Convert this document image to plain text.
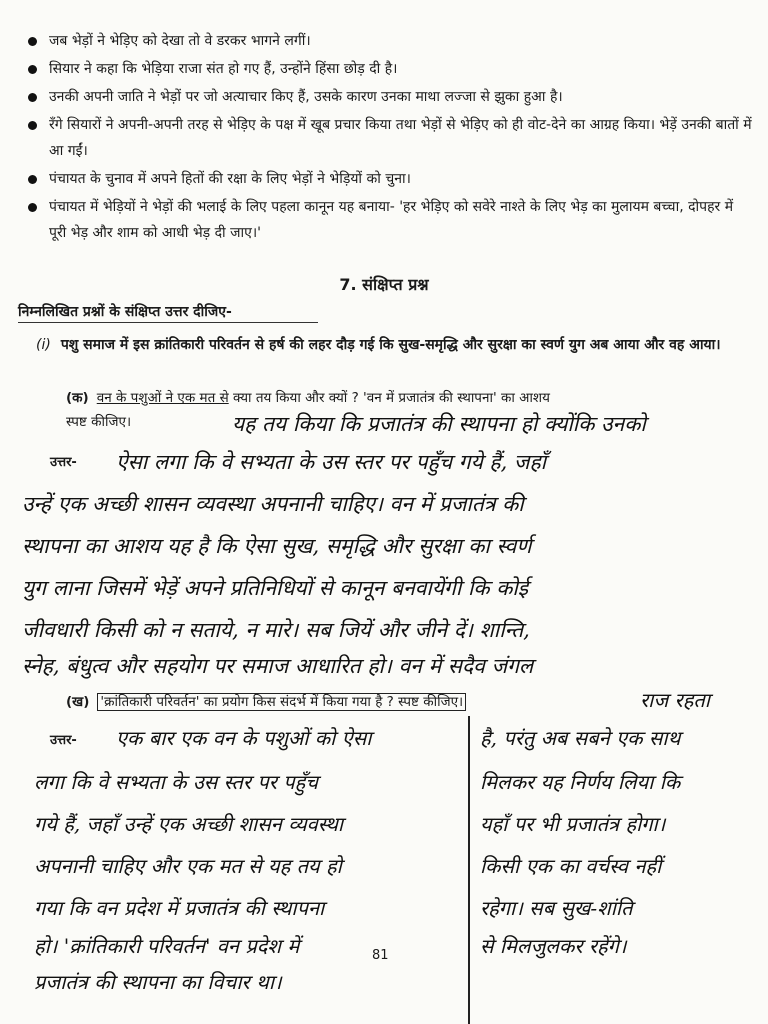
जब भेड़ों ने भेड़िए को देखा तो वे डरकर भागने लगीं।
सियार ने कहा कि भेड़िया राजा संत हो गए हैं, उन्होंने हिंसा छोड़ दी है।
उनकी अपनी जाति ने भेड़ों पर जो अत्याचार किए हैं, उसके कारण उनका माथा लज्जा से झुका हुआ है।
रँगे सियारों ने अपनी-अपनी तरह से भेड़िए के पक्ष में खूब प्रचार किया तथा भेड़ों से भेड़िए को ही वोट-देने का आग्रह किया। भेड़ें उनकी बातों में आ गईं।
पंचायत के चुनाव में अपने हितों की रक्षा के लिए भेड़ों ने भेड़ियों को चुना।
पंचायत में भेड़ियों ने भेड़ों की भलाई के लिए पहला कानून यह बनाया- 'हर भेड़िए को सवेरे नाश्ते के लिए भेड़ का मुलायम बच्चा, दोपहर में पूरी भेड़ और शाम को आधी भेड़ दी जाए।'
7. संक्षिप्त प्रश्न
निम्नलिखित प्रश्नों के संक्षिप्त उत्तर दीजिए-
(i) पशु समाज में इस क्रांतिकारी परिवर्तन से हर्ष की लहर दौड़ गई कि सुख-समृद्धि और सुरक्षा का स्वर्ण युग अब आया और वह आया।
(क) वन के पशुओं ने एक मत से क्या तय किया और क्यों ? 'वन में प्रजातंत्र की स्थापना' का आशय
स्पष्ट कीजिए।	यह तय किया कि प्रजातंत्र की स्थापना हो क्योंकि उनको
उत्तर- ऐसा लगा कि वे सभ्यता के उस स्तर पर पहुँच गये हैं, जहाँ
उन्हें एक अच्छी शासन व्यवस्था अपनानी चाहिए। वन में प्रजातंत्र की
स्थापना का आशय यह है कि ऐसा सुख, समृद्धि और सुरक्षा का स्वर्ण
युग लाना जिसमें भेड़ें अपने प्रतिनिधियों से कानून बनवायेंगी कि कोई
जीवधारी किसी को न सताये, न मारे। सब जियें और जीने दें। शान्ति,
स्नेह, बंधुत्व और सहयोग पर समाज आधारित हो। वन में सदैव जंगल
राज रहता
(ख) 'क्रांतिकारी परिवर्तन' का प्रयोग किस संदर्भ में किया गया है ? स्पष्ट कीजिए।
उत्तर- एक बार एक वन के पशुओं को ऐसा
लगा कि वे सभ्यता के उस स्तर पर पहुँच
गये हैं, जहाँ उन्हें एक अच्छी शासन व्यवस्था
अपनानी चाहिए और एक मत से यह तय हो
गया कि वन प्रदेश में प्रजातंत्र की स्थापना
हो। 'क्रांतिकारी परिवर्तन' वन प्रदेश में
प्रजातंत्र की स्थापना का विचार था।
है, परंतु अब सबने एक साथ
मिलकर यह निर्णय लिया कि
यहाँ पर भी प्रजातंत्र होगा।
किसी एक का वर्चस्व नहीं
रहेगा। सब सुख-शांति
से मिलजुलकर रहेंगे।
81
